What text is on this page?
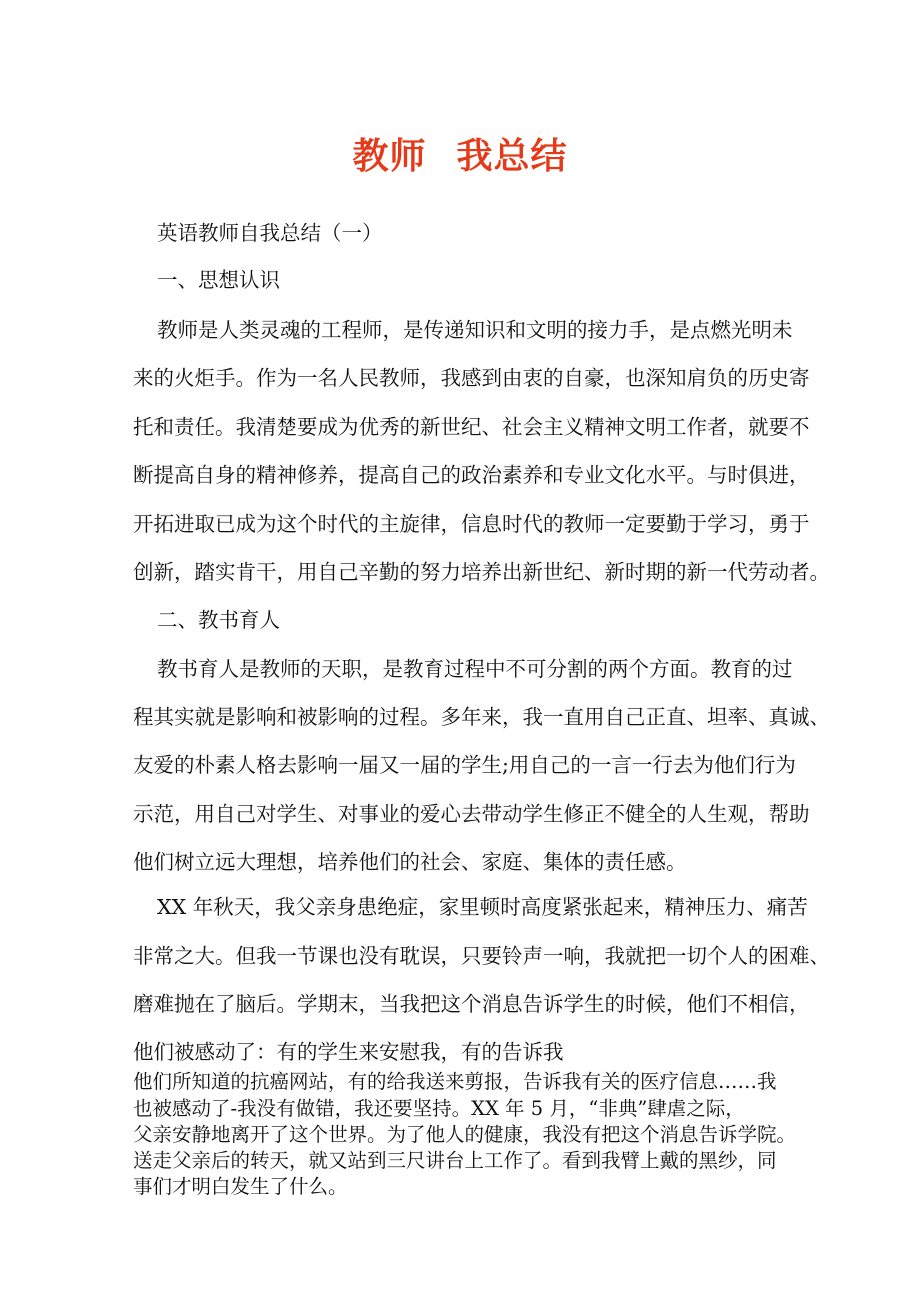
教师 我总结
英语教师自我总结（一）
一、思想认识
教师是人类灵魂的工程师，是传递知识和文明的接力手，是点燃光明未
来的火炬手。作为一名人民教师，我感到由衷的自豪，也深知肩负的历史寄
托和责任。我清楚要成为优秀的新世纪、社会主义精神文明工作者，就要不
断提高自身的精神修养，提高自己的政治素养和专业文化水平。与时俱进，
开拓进取已成为这个时代的主旋律，信息时代的教师一定要勤于学习，勇于
创新，踏实肯干，用自己辛勤的努力培养出新世纪、新时期的新一代劳动者。
二、教书育人
教书育人是教师的天职，是教育过程中不可分割的两个方面。教育的过
程其实就是影响和被影响的过程。多年来，我一直用自己正直、坦率、真诚、
友爱的朴素人格去影响一届又一届的学生;用自己的一言一行去为他们行为
示范，用自己对学生、对事业的爱心去带动学生修正不健全的人生观，帮助
他们树立远大理想，培养他们的社会、家庭、集体的责任感。
XX 年秋天，我父亲身患绝症，家里顿时高度紧张起来，精神压力、痛苦
非常之大。但我一节课也没有耽误，只要铃声一响，我就把一切个人的困难、
磨难抛在了脑后。学期末，当我把这个消息告诉学生的时候，他们不相信，
他们被感动了：有的学生来安慰我，有的告诉我
他们所知道的抗癌网站，有的给我送来剪报，告诉我有关的医疗信息……我
也被感动了-我没有做错，我还要坚持。XX 年 5 月，“非典”肆虐之际，
父亲安静地离开了这个世界。为了他人的健康，我没有把这个消息告诉学院。
送走父亲后的转天，就又站到三尺讲台上工作了。看到我臂上戴的黑纱，同
事们才明白发生了什么。
